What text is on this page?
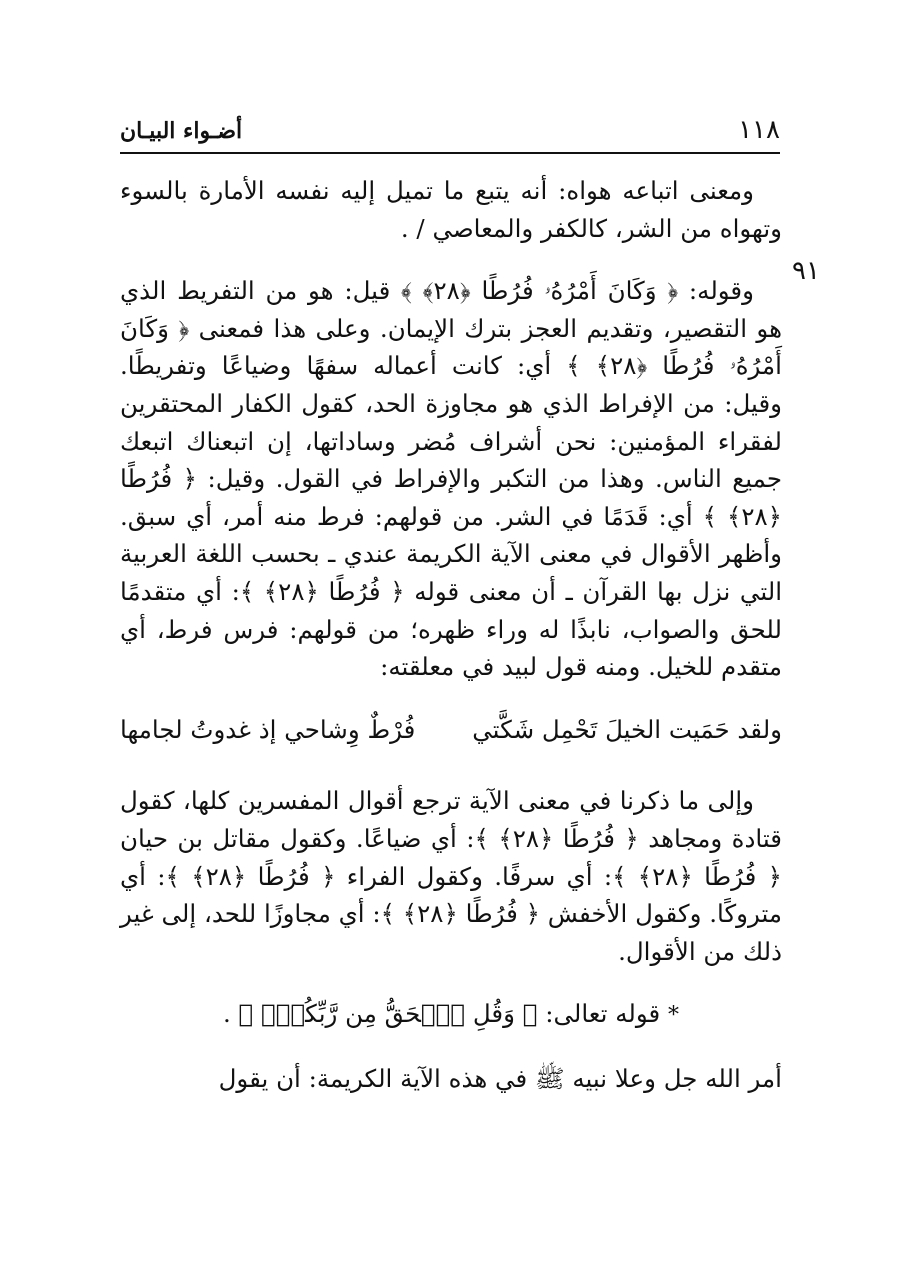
١١٨
أضـواء البيـان
٩١

ومعنى اتباعه هواه: أنه يتبع ما تميل إليه نفسه الأمارة بالسوء وتهواه من الشر، كالكفر والمعاصي / .

وقوله: ﴿ وَكَانَ أَمْرُهُۥ فُرُطًا ﴿٢٨﴾ ﴾ قيل: هو من التفريط الذي هو التقصير، وتقديم العجز بترك الإيمان. وعلى هذا فمعنى ﴿ وَكَانَ أَمْرُهُۥ فُرُطًا ﴿٢٨﴾ ﴾ أي: كانت أعماله سفهًا وضياعًا وتفريطًا. وقيل: من الإفراط الذي هو مجاوزة الحد، كقول الكفار المحتقرين لفقراء المؤمنين: نحن أشراف مُضر وساداتها، إن اتبعناك اتبعك جميع الناس. وهذا من التكبر والإفراط في القول. وقيل: ﴿ فُرُطًا ﴿٢٨﴾ ﴾ أي: قَدَمًا في الشر. من قولهم: فرط منه أمر، أي سبق. وأظهر الأقوال في معنى الآية الكريمة عندي ـ بحسب اللغة العربية التي نزل بها القرآن ـ أن معنى قوله ﴿ فُرُطًا ﴿٢٨﴾ ﴾: أي متقدمًا للحق والصواب، نابذًا له وراء ظهره؛ من قولهم: فرس فرط، أي متقدم للخيل. ومنه قول لبيد في معلقته:

ولقد حَمَيت الخيلَ تَحْمِل شَكَّتي
فُرْطٌ وِشاحي إذ غدوتُ لجامها

وإلى ما ذكرنا في معنى الآية ترجع أقوال المفسرين كلها، كقول قتادة ومجاهد ﴿ فُرُطًا ﴿٢٨﴾ ﴾: أي ضياعًا. وكقول مقاتل بن حيان ﴿ فُرُطًا ﴿٢٨﴾ ﴾: أي سرفًا. وكقول الفراء ﴿ فُرُطًا ﴿٢٨﴾ ﴾: أي متروكًا. وكقول الأخفش ﴿ فُرُطًا ﴿٢٨﴾ ﴾: أي مجاوزًا للحد، إلى غير ذلك من الأقوال.

* قوله تعالى: ﴿ وَقُلِ ٱلۡحَقُّ مِن رَّبِّكُمۡۖ ﴾ .

أمر الله جل وعلا نبيه ﷺ في هذه الآية الكريمة: أن يقول
